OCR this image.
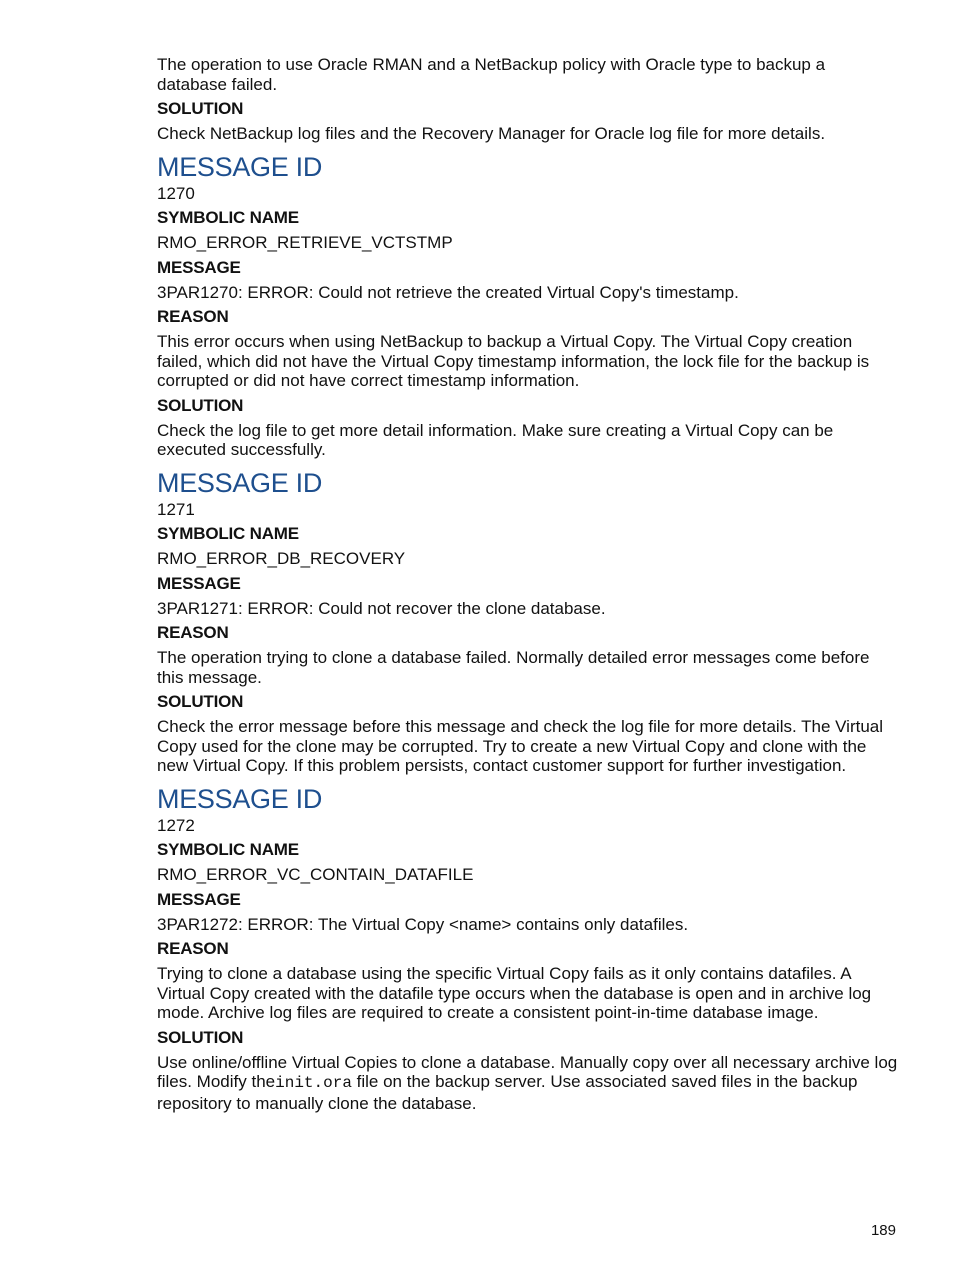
The operation to use Oracle RMAN and a NetBackup policy with Oracle type to backup a database failed.

SOLUTION

Check NetBackup log files and the Recovery Manager for Oracle log file for more details.

MESSAGE ID

1270

SYMBOLIC NAME

RMO_ERROR_RETRIEVE_VCTSTMP

MESSAGE

3PAR1270: ERROR: Could not retrieve the created Virtual Copy's timestamp.

REASON

This error occurs when using NetBackup to backup a Virtual Copy. The Virtual Copy creation failed, which did not have the Virtual Copy timestamp information, the lock file for the backup is corrupted or did not have correct timestamp information.

SOLUTION

Check the log file to get more detail information. Make sure creating a Virtual Copy can be executed successfully.

MESSAGE ID

1271

SYMBOLIC NAME

RMO_ERROR_DB_RECOVERY

MESSAGE

3PAR1271: ERROR: Could not recover the clone database.

REASON

The operation trying to clone a database failed. Normally detailed error messages come before this message.

SOLUTION

Check the error message before this message and check the log file for more details. The Virtual Copy used for the clone may be corrupted. Try to create a new Virtual Copy and clone with the new Virtual Copy. If this problem persists, contact customer support for further investigation.

MESSAGE ID

1272

SYMBOLIC NAME

RMO_ERROR_VC_CONTAIN_DATAFILE

MESSAGE

3PAR1272: ERROR: The Virtual Copy <name> contains only datafiles.

REASON

Trying to clone a database using the specific Virtual Copy fails as it only contains datafiles. A Virtual Copy created with the datafile type occurs when the database is open and in archive log mode. Archive log files are required to create a consistent point-in-time database image.

SOLUTION

Use online/offline Virtual Copies to clone a database. Manually copy over all necessary archive log files. Modify theinit.ora file on the backup server. Use associated saved files in the backup repository to manually clone the database.

189
